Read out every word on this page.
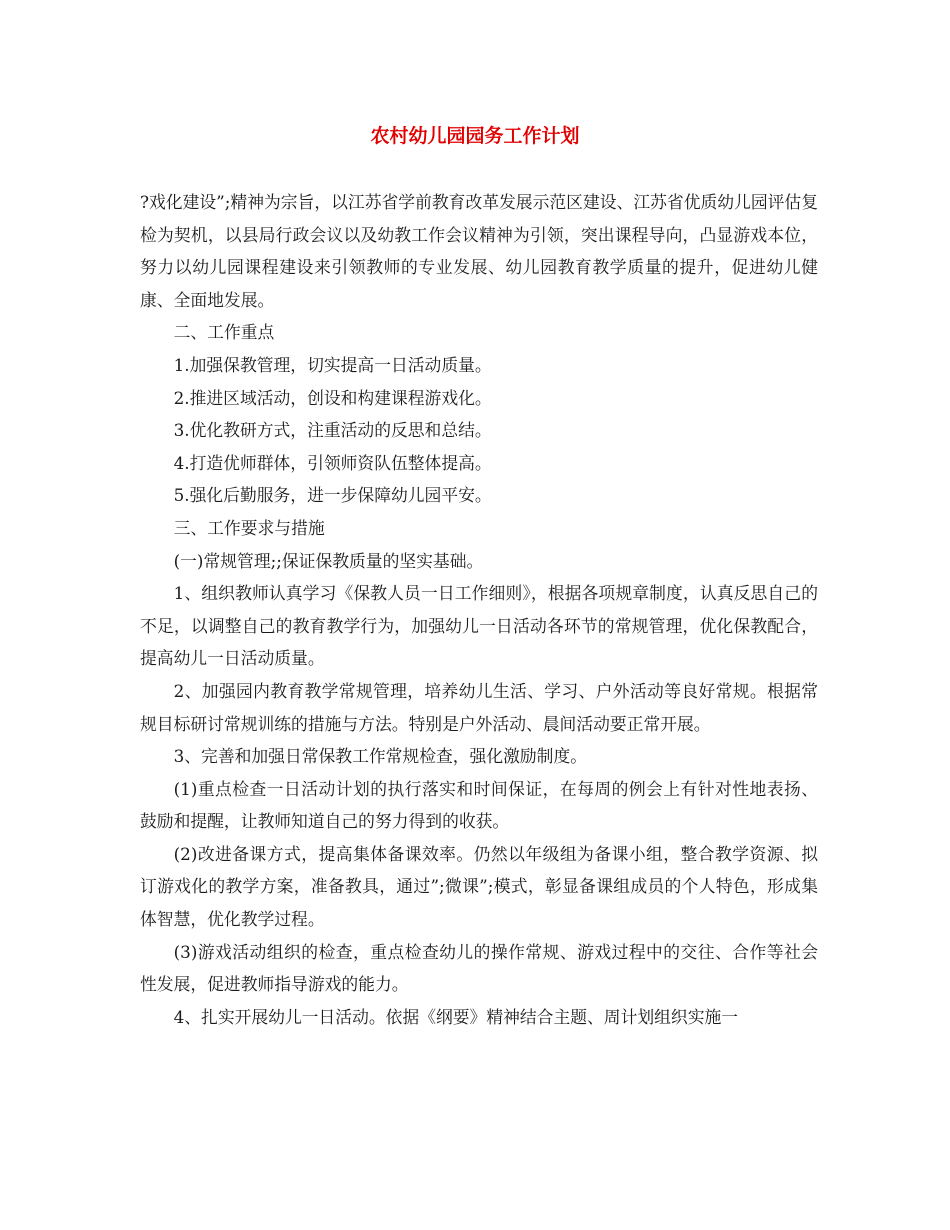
农村幼儿园园务工作计划

?戏化建设”;精神为宗旨，以江苏省学前教育改革发展示范区建设、江苏省优质幼儿园评估复检为契机，以县局行政会议以及幼教工作会议精神为引领，突出课程导向，凸显游戏本位，努力以幼儿园课程建设来引领教师的专业发展、幼儿园教育教学质量的提升，促进幼儿健康、全面地发展。

二、工作重点

1.加强保教管理，切实提高一日活动质量。

2.推进区域活动，创设和构建课程游戏化。

3.优化教研方式，注重活动的反思和总结。

4.打造优师群体，引领师资队伍整体提高。

5.强化后勤服务，进一步保障幼儿园平安。

三、工作要求与措施

(一)常规管理;;保证保教质量的坚实基础。

1、组织教师认真学习《保教人员一日工作细则》，根据各项规章制度，认真反思自己的不足，以调整自己的教育教学行为，加强幼儿一日活动各环节的常规管理，优化保教配合，提高幼儿一日活动质量。

2、加强园内教育教学常规管理，培养幼儿生活、学习、户外活动等良好常规。根据常规目标研讨常规训练的措施与方法。特别是户外活动、晨间活动要正常开展。

3、完善和加强日常保教工作常规检查，强化激励制度。

(1)重点检查一日活动计划的执行落实和时间保证，在每周的例会上有针对性地表扬、鼓励和提醒，让教师知道自己的努力得到的收获。

(2)改进备课方式，提高集体备课效率。仍然以年级组为备课小组，整合教学资源、拟订游戏化的教学方案，准备教具，通过”;微课”;模式，彰显备课组成员的个人特色，形成集体智慧，优化教学过程。

(3)游戏活动组织的检查，重点检查幼儿的操作常规、游戏过程中的交往、合作等社会性发展，促进教师指导游戏的能力。

4、扎实开展幼儿一日活动。依据《纲要》精神结合主题、周计划组织实施一
